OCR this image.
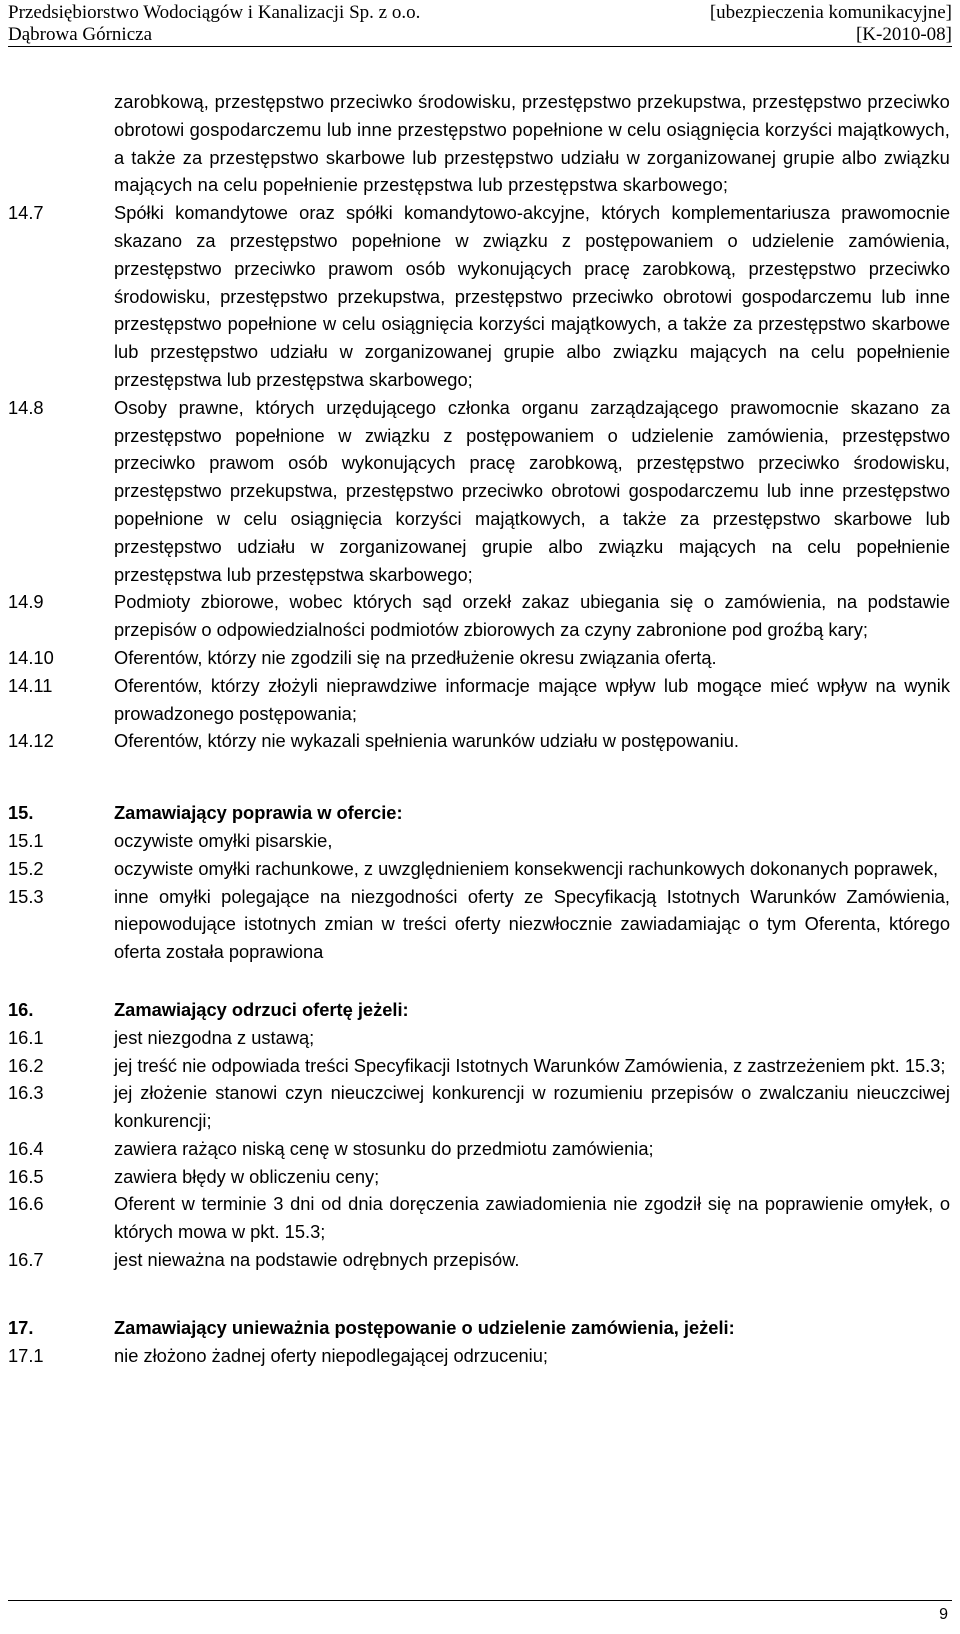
Przedsiębiorstwo Wodociągów i Kanalizacji Sp. z o.o.	[ubezpieczenia komunikacyjne]
Dąbrowa Górnicza	[K-2010-08]
zarobkową, przestępstwo przeciwko środowisku, przestępstwo przekupstwa, przestępstwo przeciwko obrotowi gospodarczemu lub inne przestępstwo popełnione w celu osiągnięcia korzyści majątkowych, a także za przestępstwo skarbowe lub przestępstwo udziału w zorganizowanej grupie albo związku mających na celu popełnienie przestępstwa lub przestępstwa skarbowego;
14.7	Spółki komandytowe oraz spółki komandytowo-akcyjne, których komplementariusza prawomocnie skazano za przestępstwo popełnione w związku z postępowaniem o udzielenie zamówienia, przestępstwo przeciwko prawom osób wykonujących pracę zarobkową, przestępstwo przeciwko środowisku, przestępstwo przekupstwa, przestępstwo przeciwko obrotowi gospodarczemu lub inne przestępstwo popełnione w celu osiągnięcia korzyści majątkowych, a także za przestępstwo skarbowe lub przestępstwo udziału w zorganizowanej grupie albo związku mających na celu popełnienie przestępstwa lub przestępstwa skarbowego;
14.8	Osoby prawne, których urzędującego członka organu zarządzającego prawomocnie skazano za przestępstwo popełnione w związku z postępowaniem o udzielenie zamówienia, przestępstwo przeciwko prawom osób wykonujących pracę zarobkową, przestępstwo przeciwko środowisku, przestępstwo przekupstwa, przestępstwo przeciwko obrotowi gospodarczemu lub inne przestępstwo popełnione w celu osiągnięcia korzyści majątkowych, a także za przestępstwo skarbowe lub przestępstwo udziału w zorganizowanej grupie albo związku mających na celu popełnienie przestępstwa lub przestępstwa skarbowego;
14.9	Podmioty zbiorowe, wobec których sąd orzekł zakaz ubiegania się o zamówienia, na podstawie przepisów o odpowiedzialności podmiotów zbiorowych za czyny zabronione pod groźbą kary;
14.10	Oferentów, którzy nie zgodzili się na przedłużenie okresu związania ofertą.
14.11	Oferentów, którzy złożyli nieprawdziwe informacje mające wpływ lub mogące mieć wpływ na wynik prowadzonego postępowania;
14.12	Oferentów, którzy nie wykazali spełnienia warunków udziału w postępowaniu.
15.	Zamawiający poprawia w ofercie:
15.1	oczywiste omyłki pisarskie,
15.2	oczywiste omyłki rachunkowe, z uwzględnieniem konsekwencji rachunkowych dokonanych poprawek,
15.3	inne omyłki polegające na niezgodności oferty ze Specyfikacją Istotnych Warunków Zamówienia, niepowodujące istotnych zmian w treści oferty niezwłocznie zawiadamiając o tym Oferenta, którego oferta została poprawiona
16.	Zamawiający odrzuci ofertę jeżeli:
16.1	jest niezgodna z ustawą;
16.2	jej treść nie odpowiada treści Specyfikacji Istotnych Warunków Zamówienia, z zastrzeżeniem pkt. 15.3;
16.3	jej złożenie stanowi czyn nieuczciwej konkurencji w rozumieniu przepisów o zwalczaniu nieuczciwej konkurencji;
16.4	zawiera rażąco niską cenę w stosunku do przedmiotu zamówienia;
16.5	zawiera błędy w obliczeniu ceny;
16.6	Oferent w terminie 3 dni od dnia doręczenia zawiadomienia nie zgodził się na poprawienie omyłek, o których mowa w pkt. 15.3;
16.7	jest nieważna na podstawie odrębnych przepisów.
17.	Zamawiający unieważnia postępowanie o udzielenie zamówienia, jeżeli:
17.1	nie złożono żadnej oferty niepodlegającej odrzuceniu;
9
